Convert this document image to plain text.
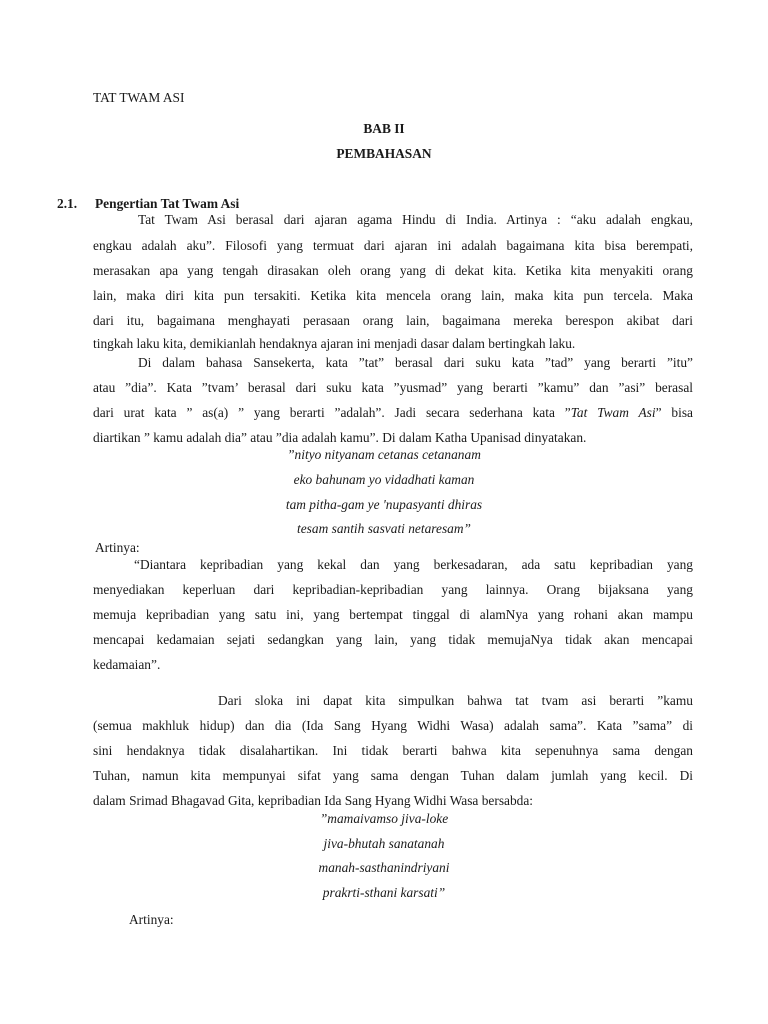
TAT TWAM ASI
BAB II
PEMBAHASAN
2.1. Pengertian Tat Twam Asi
Tat Twam Asi berasal dari ajaran agama Hindu di India. Artinya : “aku adalah engkau,
engkau adalah aku”. Filosofi yang termuat dari ajaran ini adalah bagaimana kita bisa berempati,
merasakan apa yang tengah dirasakan oleh orang yang di dekat kita. Ketika kita menyakiti orang
lain, maka diri kita pun tersakiti. Ketika kita mencela orang lain, maka kita pun tercela. Maka
dari itu, bagaimana menghayati perasaan orang lain, bagaimana mereka berespon akibat dari
tingkah laku kita, demikianlah hendaknya ajaran ini menjadi dasar dalam bertingkah laku.
Di dalam bahasa Sansekerta, kata ”tat” berasal dari suku kata ”tad” yang berarti ”itu”
atau ”dia”. Kata ”tvam’ berasal dari suku kata ”yusmad” yang berarti ”kamu” dan ”asi” berasal
dari urat kata ” as(a) ” yang berarti ”adalah”. Jadi secara sederhana kata ”Tat Twam Asi” bisa
diartikan ” kamu adalah dia” atau ”dia adalah kamu”. Di dalam Katha Upanisad dinyatakan.
”nityo nityanam cetanas cetananam
eko bahunam yo vidadhati kaman
tam pitha-gam ye 'nupasyanti dhiras
tesam santih sasvati netaresam”
Artinya:
“Diantara kepribadian yang kekal dan yang berkesadaran, ada satu kepribadian yang
menyediakan keperluan dari kepribadian-kepribadian yang lainnya. Orang bijaksana yang
memuja kepribadian yang satu ini, yang bertempat tinggal di alamNya yang rohani akan mampu
mencapai kedamaian sejati sedangkan yang lain, yang tidak memujaNya tidak akan mencapai
kedamaian”.
Dari sloka ini dapat kita simpulkan bahwa tat tvam asi berarti ”kamu
(semua makhluk hidup) dan dia (Ida Sang Hyang Widhi Wasa) adalah sama”. Kata ”sama” di
sini hendaknya tidak disalahartikan. Ini tidak berarti bahwa kita sepenuhnya sama dengan
Tuhan, namun kita mempunyai sifat yang sama dengan Tuhan dalam jumlah yang kecil. Di
dalam Srimad Bhagavad Gita, kepribadian Ida Sang Hyang Widhi Wasa bersabda:
”mamaivamso jiva-loke
jiva-bhutah sanatanah
manah-sasthanindriyani
prakrti-sthani karsati”
Artinya:
